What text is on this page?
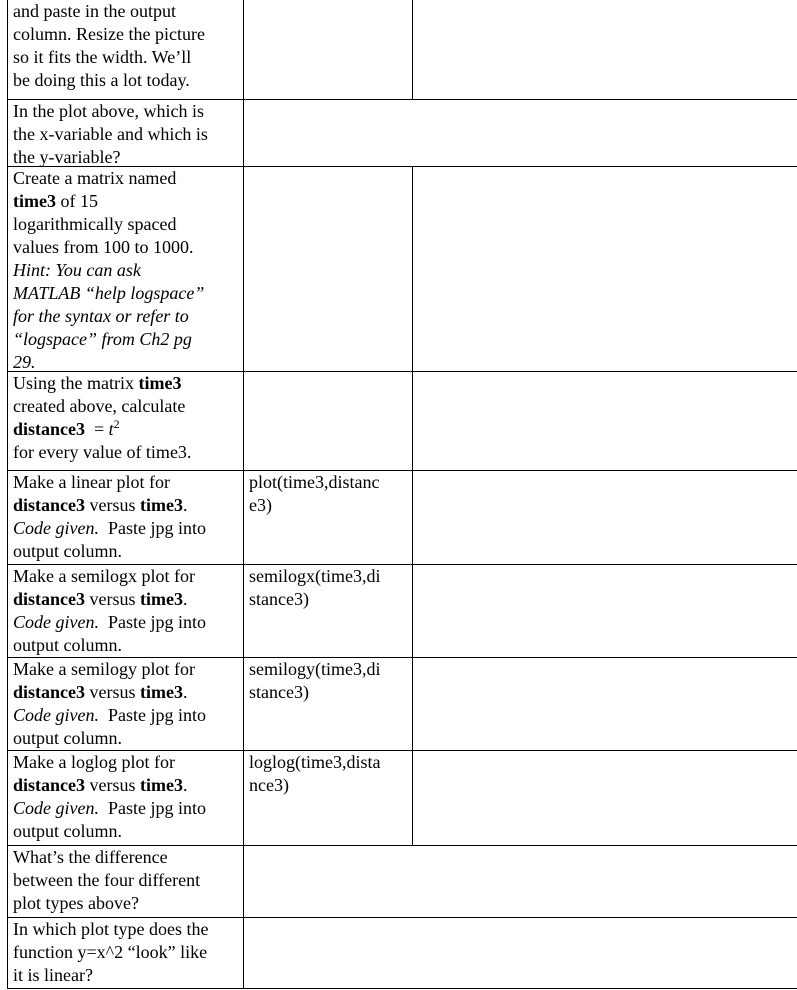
and paste in the output
column. Resize the picture
so it fits the width. We’ll
be doing this a lot today.
In the plot above, which is
the x-variable and which is
the y-variable?
Create a matrix named
time3 of 15
logarithmically spaced
values from 100 to 1000.
Hint: You can ask
MATLAB “help logspace”
for the syntax or refer to
“logspace” from Ch2 pg
29.
Using the matrix time3
created above, calculate
distance3  = $t^2$
for every value of time3.
Make a linear plot for
distance3 versus time3.
Code given.  Paste jpg into
output column.
plot(time3,distanc
e3)
Make a semilogx plot for
distance3 versus time3.
Code given.  Paste jpg into
output column.
semilogx(time3,di
stance3)
Make a semilogy plot for
distance3 versus time3.
Code given.  Paste jpg into
output column.
semilogy(time3,di
stance3)
Make a loglog plot for
distance3 versus time3.
Code given.  Paste jpg into
output column.
loglog(time3,dista
nce3)
What’s the difference
between the four different
plot types above?
In which plot type does the
function y=x^2 “look” like
it is linear?
